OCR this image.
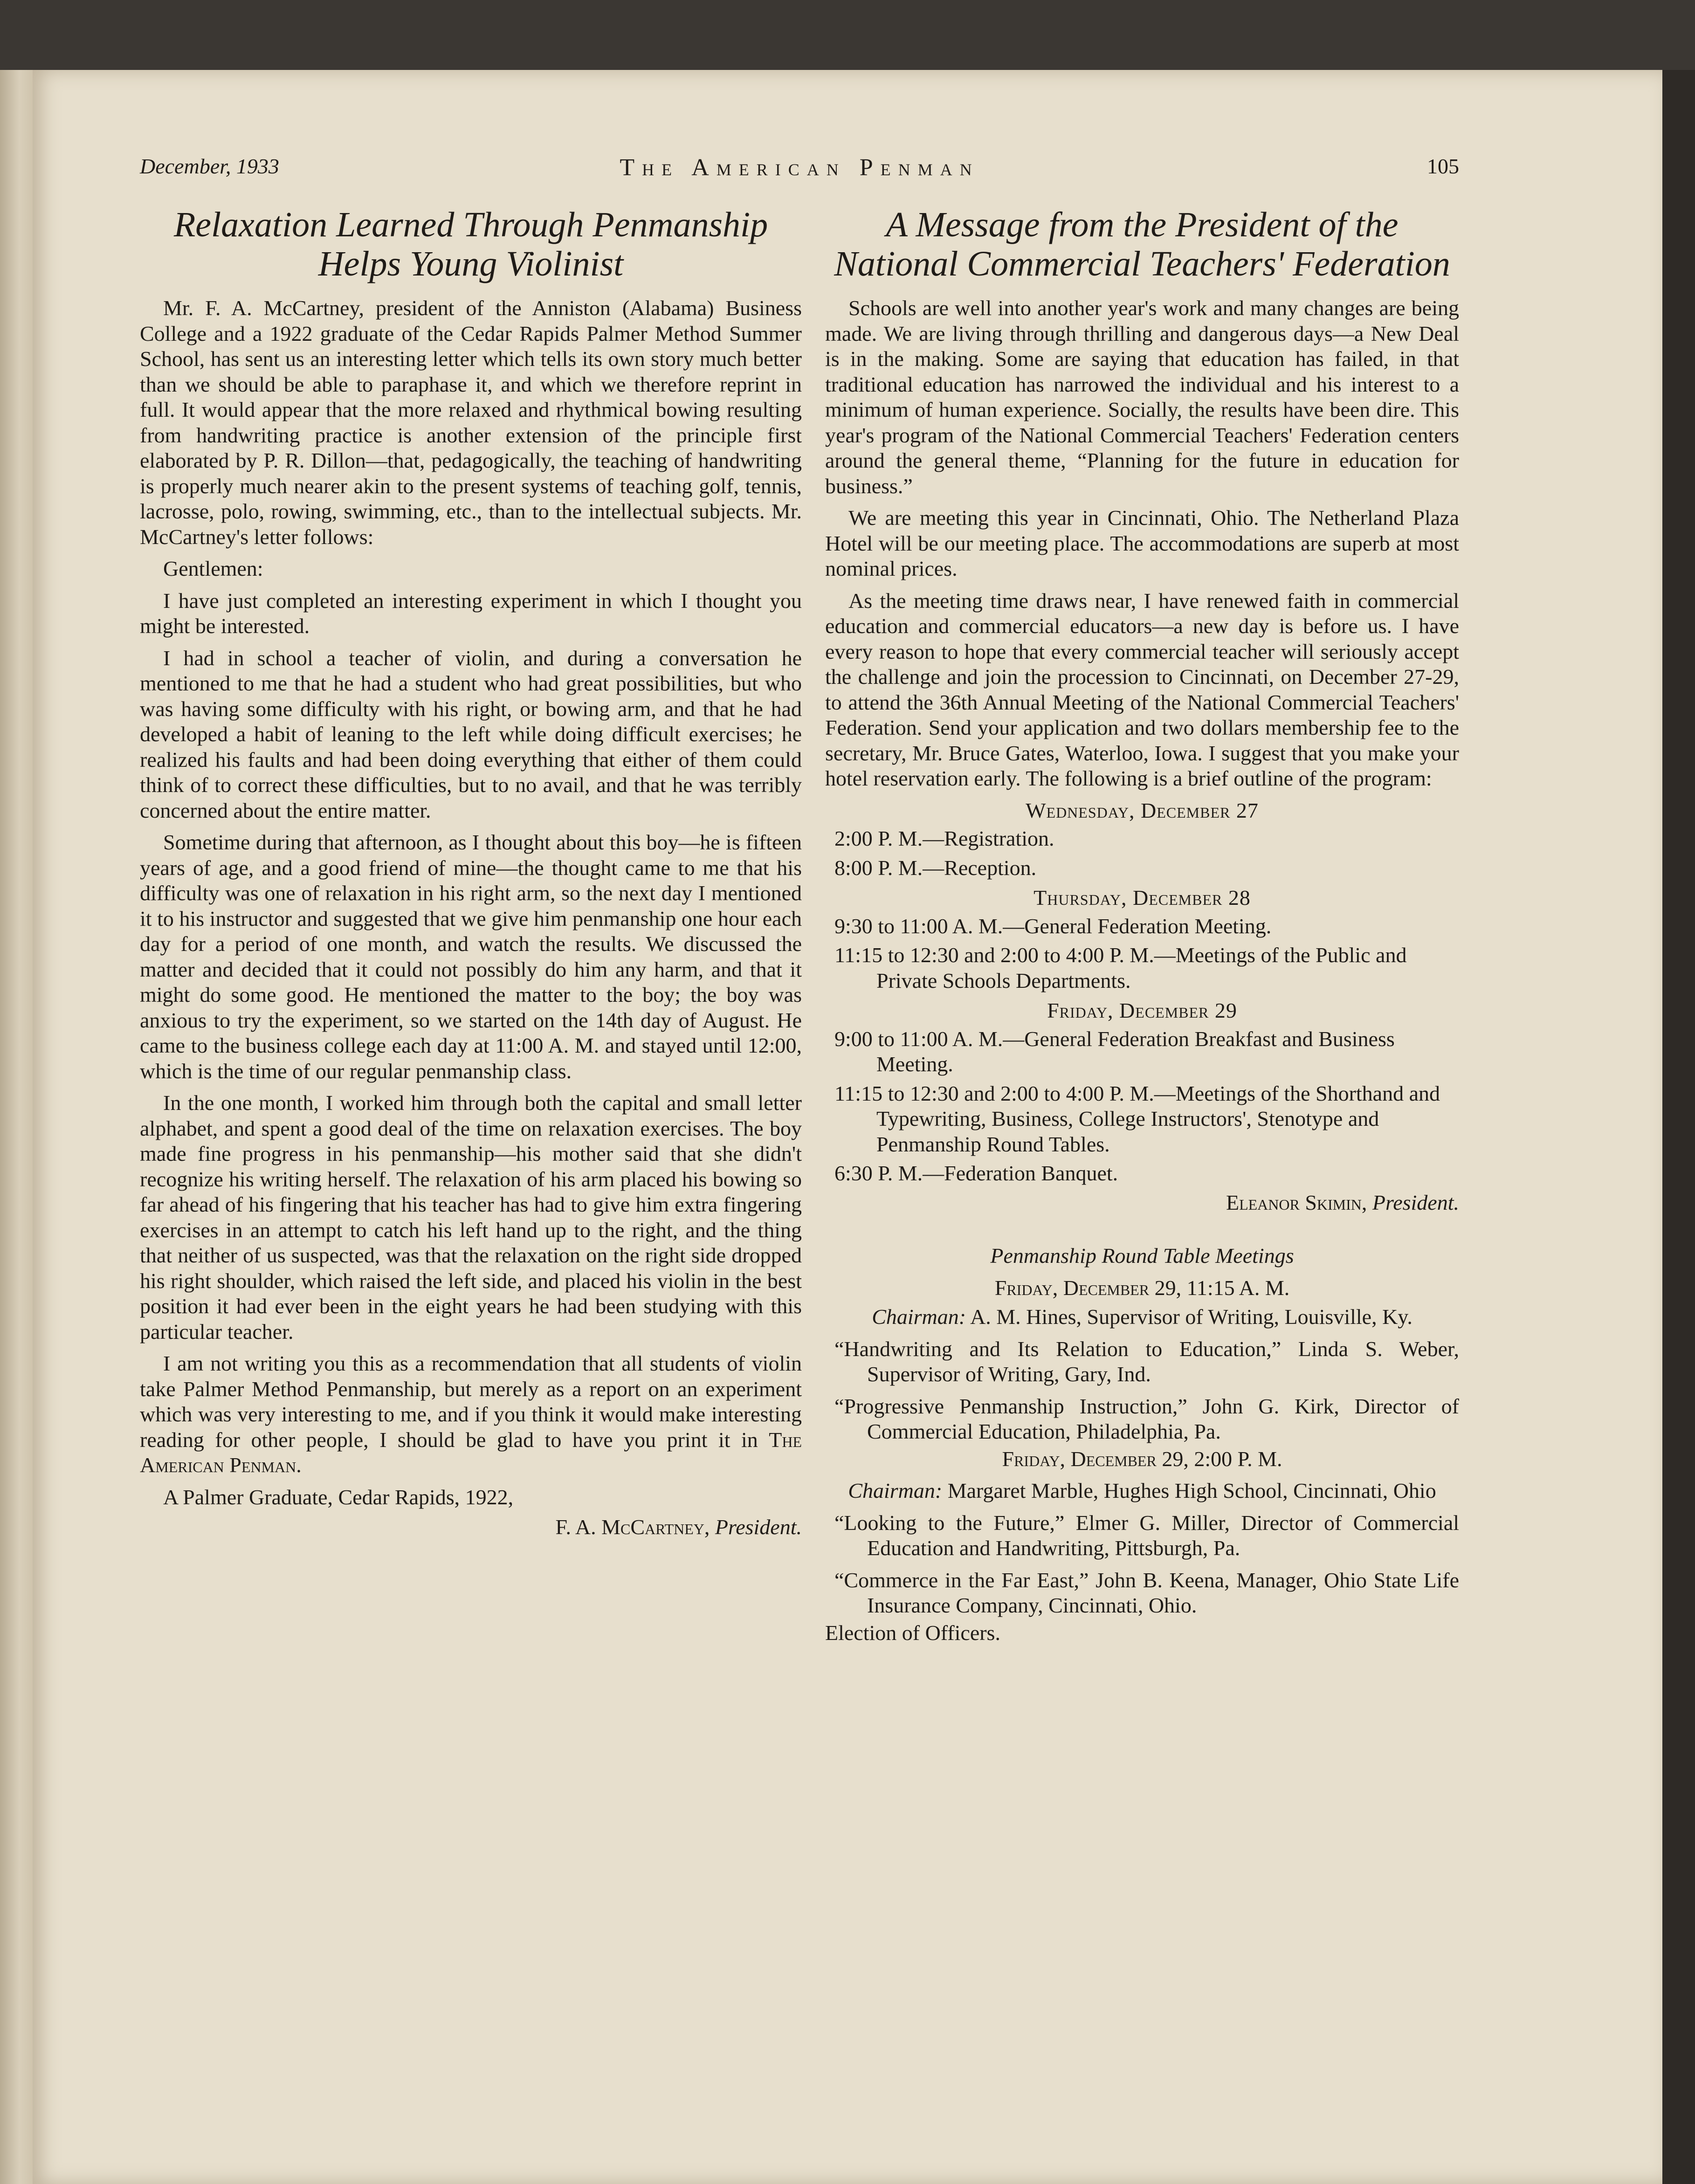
December, 1933	The American Penman	105
Relaxation Learned Through Penmanship Helps Young Violinist

Mr. F. A. McCartney, president of the Anniston (Alabama) Business College and a 1922 graduate of the Cedar Rapids Palmer Method Summer School, has sent us an interesting letter which tells its own story much better than we should be able to paraphase it, and which we therefore reprint in full. It would appear that the more relaxed and rhythmical bowing resulting from handwriting practice is another extension of the principle first elaborated by P. R. Dillon—that, pedagogically, the teaching of handwriting is properly much nearer akin to the present systems of teaching golf, tennis, lacrosse, polo, rowing, swimming, etc., than to the intellectual subjects. Mr. McCartney's letter follows:

Gentlemen:

I have just completed an interesting experiment in which I thought you might be interested.

I had in school a teacher of violin, and during a conversation he mentioned to me that he had a student who had great possibilities, but who was having some difficulty with his right, or bowing arm, and that he had developed a habit of leaning to the left while doing difficult exercises; he realized his faults and had been doing everything that either of them could think of to correct these difficulties, but to no avail, and that he was terribly concerned about the entire matter.

Sometime during that afternoon, as I thought about this boy—he is fifteen years of age, and a good friend of mine—the thought came to me that his difficulty was one of relaxation in his right arm, so the next day I mentioned it to his instructor and suggested that we give him penmanship one hour each day for a period of one month, and watch the results. We discussed the matter and decided that it could not possibly do him any harm, and that it might do some good. He mentioned the matter to the boy; the boy was anxious to try the experiment, so we started on the 14th day of August. He came to the business college each day at 11:00 A. M. and stayed until 12:00, which is the time of our regular penmanship class.

In the one month, I worked him through both the capital and small letter alphabet, and spent a good deal of the time on relaxation exercises. The boy made fine progress in his penmanship—his mother said that she didn't recognize his writing herself. The relaxation of his arm placed his bowing so far ahead of his fingering that his teacher has had to give him extra fingering exercises in an attempt to catch his left hand up to the right, and the thing that neither of us suspected, was that the relaxation on the right side dropped his right shoulder, which raised the left side, and placed his violin in the best position it had ever been in the eight years he had been studying with this particular teacher.

I am not writing you this as a recommendation that all students of violin take Palmer Method Penmanship, but merely as a report on an experiment which was very interesting to me, and if you think it would make interesting reading for other people, I should be glad to have you print it in The American Penman.

A Palmer Graduate, Cedar Rapids, 1922,

F. A. McCartney, President.

A Message from the President of the National Commercial Teachers' Federation

Schools are well into another year's work and many changes are being made. We are living through thrilling and dangerous days—a New Deal is in the making. Some are saying that education has failed, in that traditional education has narrowed the individual and his interest to a minimum of human experience. Socially, the results have been dire. This year's program of the National Commercial Teachers' Federation centers around the general theme, “Planning for the future in education for business.”

We are meeting this year in Cincinnati, Ohio. The Netherland Plaza Hotel will be our meeting place. The accommodations are superb at most nominal prices.

As the meeting time draws near, I have renewed faith in commercial education and commercial educators—a new day is before us. I have every reason to hope that every commercial teacher will seriously accept the challenge and join the procession to Cincinnati, on December 27-29, to attend the 36th Annual Meeting of the National Commercial Teachers' Federation. Send your application and two dollars membership fee to the secretary, Mr. Bruce Gates, Waterloo, Iowa. I suggest that you make your hotel reservation early. The following is a brief outline of the program:

Wednesday, December 27
2:00 P. M.—Registration.
8:00 P. M.—Reception.
Thursday, December 28
9:30 to 11:00 A. M.—General Federation Meeting.
11:15 to 12:30 and 2:00 to 4:00 P. M.—Meetings of the Public and Private Schools Departments.
Friday, December 29
9:00 to 11:00 A. M.—General Federation Breakfast and Business Meeting.
11:15 to 12:30 and 2:00 to 4:00 P. M.—Meetings of the Shorthand and Typewriting, Business, College Instructors', Stenotype and Penmanship Round Tables.
6:30 P. M.—Federation Banquet.

Eleanor Skimin, President.

Penmanship Round Table Meetings
Friday, December 29, 11:15 A. M.
Chairman: A. M. Hines, Supervisor of Writing, Louisville, Ky.
“Handwriting and Its Relation to Education,” Linda S. Weber, Supervisor of Writing, Gary, Ind.
“Progressive Penmanship Instruction,” John G. Kirk, Director of Commercial Education, Philadelphia, Pa.
Friday, December 29, 2:00 P. M.
Chairman: Margaret Marble, Hughes High School, Cincinnati, Ohio
“Looking to the Future,” Elmer G. Miller, Director of Commercial Education and Handwriting, Pittsburgh, Pa.
“Commerce in the Far East,” John B. Keena, Manager, Ohio State Life Insurance Company, Cincinnati, Ohio.
Election of Officers.
